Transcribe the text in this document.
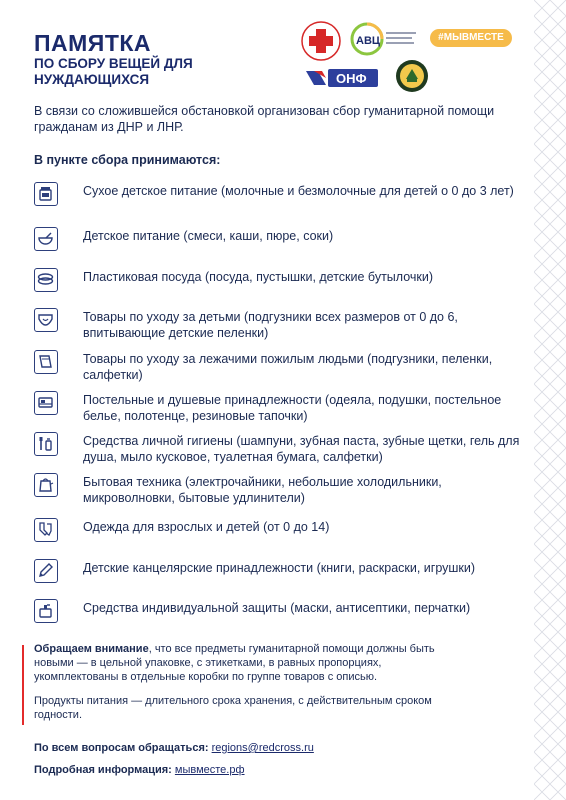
ПАМЯТКА
ПО СБОРУ ВЕЩЕЙ ДЛЯ НУЖДАЮЩИХСЯ
АВЦ	#МЫВМЕСТЕ
ОНФ

В связи со сложившейся обстановкой организован сбор гуманитарной помощи гражданам из ДНР и ЛНР.

В пункте сбора принимаются:

Сухое детское питание (молочные и безмолочные для детей о 0 до 3 лет)
Детское питание (смеси, каши, пюре, соки)
Пластиковая посуда (посуда, пустышки, детские бутылочки)
Товары по уходу за детьми (подгузники всех размеров от 0 до 6, впитывающие детские пеленки)
Товары по уходу за лежачими пожилым людьми (подгузники, пеленки, салфетки)
Постельные и душевые принадлежности (одеяла, подушки, постельное белье, полотенце, резиновые тапочки)
Средства личной гигиены (шампуни, зубная паста, зубные щетки, гель для душа, мыло кусковое, туалетная бумага, салфетки)
Бытовая техника (электрочайники, небольшие холодильники, микроволновки, бытовые удлинители)
Одежда для взрослых и детей (от 0 до 14)
Детские канцелярские принадлежности (книги, раскраски, игрушки)
Средства индивидуальной защиты (маски, антисептики, перчатки)

Обращаем внимание, что все предметы гуманитарной помощи должны быть новыми — в цельной упаковке, с этикетками, в равных пропорциях, укомплектованы в отдельные коробки по группе товаров с описью.

Продукты питания — длительного срока хранения, с действительным сроком годности.

По всем вопросам обращаться: regions@redcross.ru
Подробная информация: мывместе.рф
